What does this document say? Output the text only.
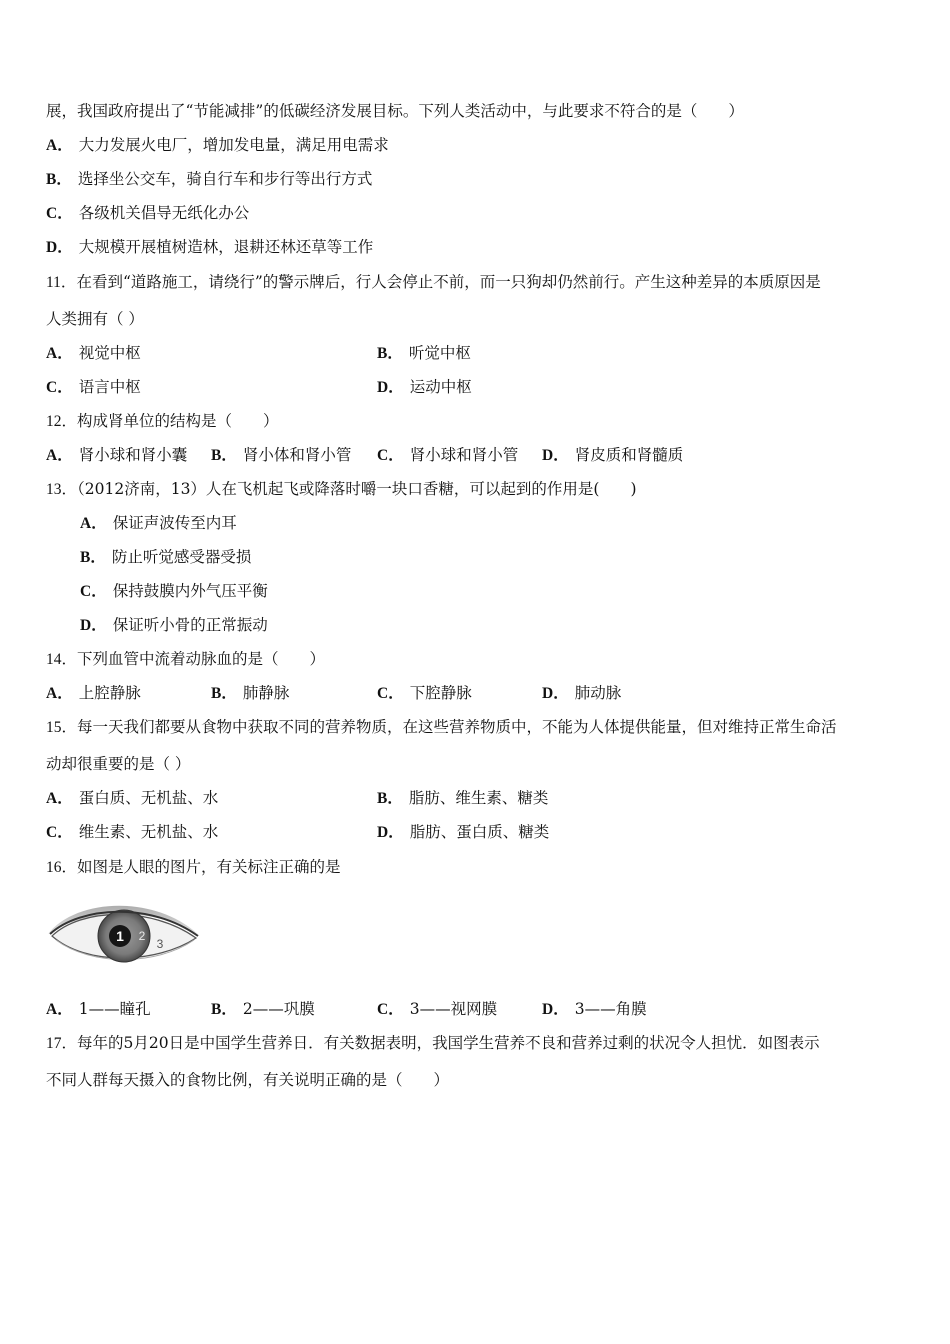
展，我国政府提出了“节能减排”的低碳经济发展目标。下列人类活动中，与此要求不符合的是（　　）
A． 大力发展火电厂，增加发电量，满足用电需求
B． 选择坐公交车，骑自行车和步行等出行方式
C． 各级机关倡导无纸化办公
D． 大规模开展植树造林，退耕还林还草等工作
11．在看到“道路施工，请绕行”的警示牌后，行人会停止不前，而一只狗却仍然前行。产生这种差异的本质原因是
人类拥有（ ）
A． 视觉中枢	B． 听觉中枢
C． 语言中枢	D． 运动中枢
12．构成肾单位的结构是（　　）
A． 肾小球和肾小囊 B． 肾小体和肾小管 C． 肾小球和肾小管 D． 肾皮质和肾髓质
13．（2012济南，13）人在飞机起飞或降落时嚼一块口香糖，可以起到的作用是(　　)
A． 保证声波传至内耳
B． 防止听觉感受器受损
C． 保持鼓膜内外气压平衡
D． 保证听小骨的正常振动
14．下列血管中流着动脉血的是（　　）
A． 上腔静脉	B． 肺静脉	C． 下腔静脉	D． 肺动脉
15．每一天我们都要从食物中获取不同的营养物质，在这些营养物质中，不能为人体提供能量，但对维持正常生命活
动却很重要的是（ ）
A． 蛋白质、无机盐、水	B． 脂肪、维生素、糖类
C． 维生素、无机盐、水	D． 脂肪、蛋白质、糖类
16．如图是人眼的图片，有关标注正确的是
1 2
3
A． 1——瞳孔	B． 2——巩膜	C． 3——视网膜	D． 3——角膜
17．每年的5月20日是中国学生营养日．有关数据表明，我国学生营养不良和营养过剩的状况令人担忧．如图表示
不同人群每天摄入的食物比例，有关说明正确的是（　　）
